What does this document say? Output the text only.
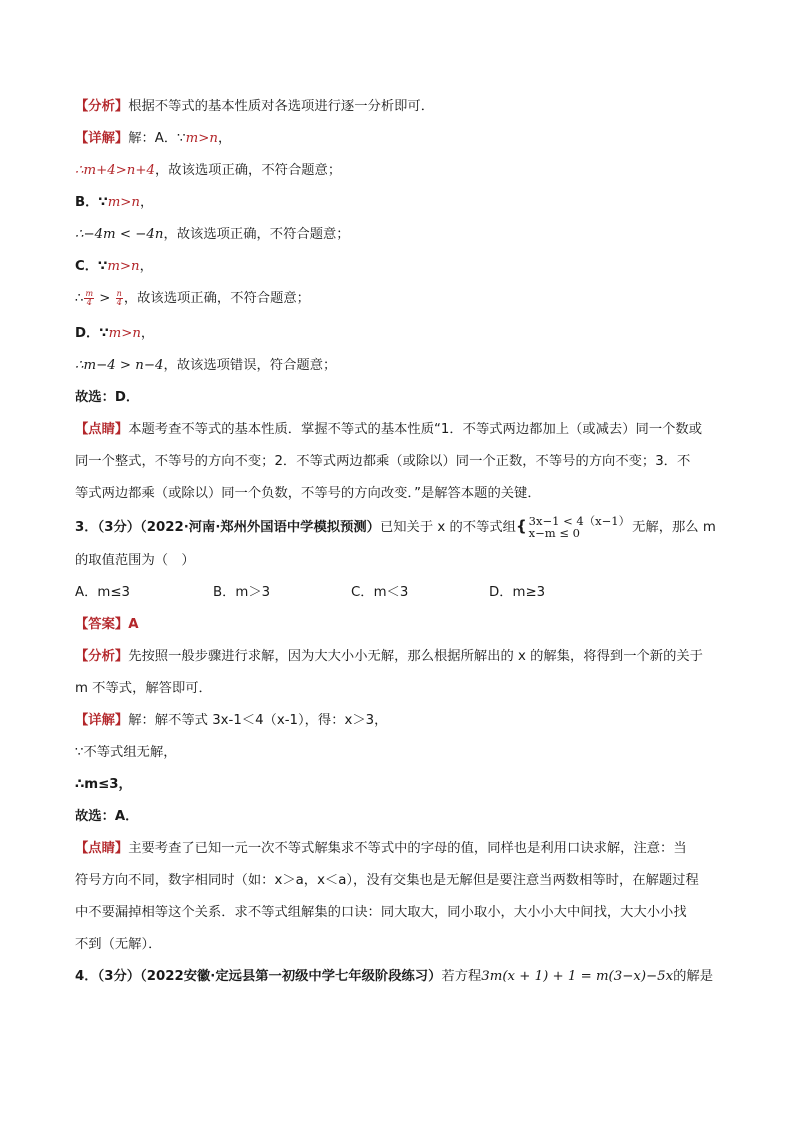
【分析】根据不等式的基本性质对各选项进行逐一分析即可．
【详解】解：A．∵m>n，
∴m+4>n+4，故该选项正确，不符合题意；
B．∵m>n，
∴−4m < −4n，故该选项正确，不符合题意；
C．∵m>n，
∴ $\frac{m}{4} > \frac{n}{4}$ ，故该选项正确，不符合题意；
D．∵m>n，
∴m−4 > n−4，故该选项错误，符合题意；
故选：D．
【点睛】本题考查不等式的基本性质．掌握不等式的基本性质“1．不等式两边都加上（或减去）同一个数或
同一个整式，不等号的方向不变；2．不等式两边都乘（或除以）同一个正数，不等号的方向不变；3．不
等式两边都乘（或除以）同一个负数，不等号的方向改变．”是解答本题的关键．
3．（3分）（2022·河南·郑州外国语中学模拟预测）已知关于 x 的不等式组{ 3x−1 < 4（x−1）
x−m ≤ 0	无解，那么 m
的取值范围为（　）
A．m≤3	B．m＞3	C．m＜3	D．m≥3
【答案】A
【分析】先按照一般步骤进行求解，因为大大小小无解，那么根据所解出的 x 的解集，将得到一个新的关于
m 不等式，解答即可．
【详解】解：解不等式 3x-1＜4（x-1），得：x＞3，
∵不等式组无解，
∴m≤3，
故选：A．
【点睛】主要考查了已知一元一次不等式解集求不等式中的字母的值，同样也是利用口诀求解，注意：当
符号方向不同，数字相同时（如：x＞a，x＜a），没有交集也是无解但是要注意当两数相等时，在解题过程
中不要漏掉相等这个关系．求不等式组解集的口诀：同大取大，同小取小，大小小大中间找，大大小小找
不到（无解）．
4．（3分）（2022安徽·定远县第一初级中学七年级阶段练习）若方程3m(x + 1) + 1 = m(3−x)−5x的解是
